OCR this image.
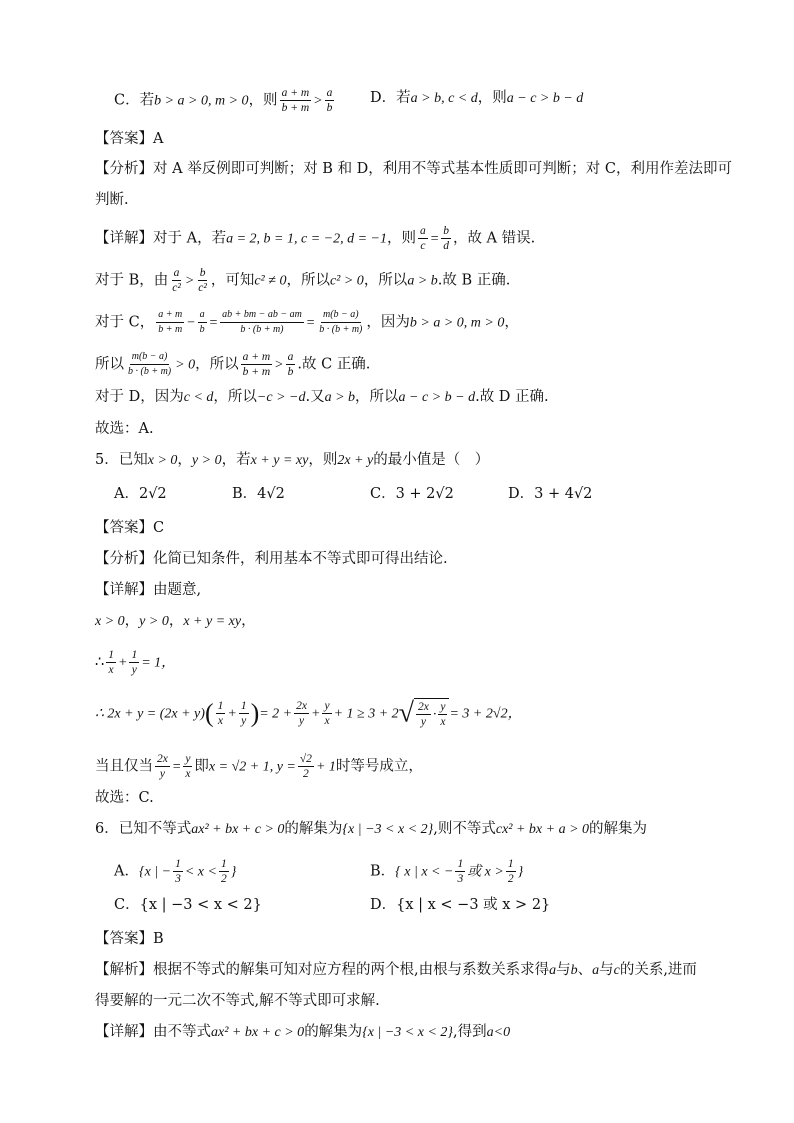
C．若b > a > 0, m > 0，则 $\frac{a + m}{b + m} > \frac{a}{b}$ D．若a > b, c < d，则a − c > b − d
【答案】A
【分析】对 A 举反例即可判断；对 B 和 D，利用不等式基本性质即可判断；对 C，利用作差法即可
判断.
【详解】对于 A，若a = 2, b = 1, c = −2, d = −1，则 $\frac{a}{c} = \frac{b}{d}$ ，故 A 错误.
对于 B，由 $\frac{a}{\text{c²}} > \frac{b}{\text{c²}}$ ，可知c² ≠ 0，所以c² > 0，所以a > b.故 B 正确.
对于 C， $\frac{a + m}{b + m} - \frac{a}{b} = \frac{ab + bm - ab - am}{b \cdot (b + m)} = \frac{m(b - a)}{b \cdot (b + m)}$ ，因为b > a > 0, m > 0，
所以 $\frac{m(b - a)}{b \cdot (b + m)} > 0$，所以 $\frac{a + m}{b + m} > \frac{a}{b}$ .故 C 正确.
对于 D，因为c < d，所以−c > −d.又a > b，所以a − c > b − d.故 D 正确.
故选：A.
5．已知x > 0，y > 0，若x + y = xy，则2x + y的最小值是（　）
A．2√2	B．4√2	C．3 + 2√2	D．3 + 4√2
【答案】C
【分析】化简已知条件，利用基本不等式即可得出结论.
【详解】由题意,
x > 0，y > 0，x + y = xy，
∴ $\frac{1}{x} + \frac{1}{y} = 1$，
∴ $2x + y = (2x + y)( \frac{1}{x} + \frac{1}{y}$ )= $2 + \frac{2x}{y} + \frac{y}{x} + 1 \ge 3 + 2√ \frac{2x}{y} \cdot \frac{y}{x} = 3 + 2√2$，
当且仅当 $\frac{2x}{y} = \frac{y}{x}$ 即x = √2 + 1, $y = \frac{√2}{2} + 1$时等号成立，
故选：C.
6．已知不等式ax² + bx + c > 0的解集为{x | −3 < x < 2},则不等式cx² + bx + a > 0的解集为
A．{x | − $\frac{1}{3} < x < \frac{1}{2}$ }	B．{ x | x < − $\frac{1}{3}$ 或 $x > \frac{1}{2}$ }
C．{x | −3 < x < 2}	D．{x | x < −3 或 x > 2}
【答案】B
【解析】根据不等式的解集可知对应方程的两个根,由根与系数关系求得a与b、a与c的关系,进而
得要解的一元二次不等式,解不等式即可求解.
【详解】由不等式ax² + bx + c > 0的解集为{x | −3 < x < 2},得到a<0
